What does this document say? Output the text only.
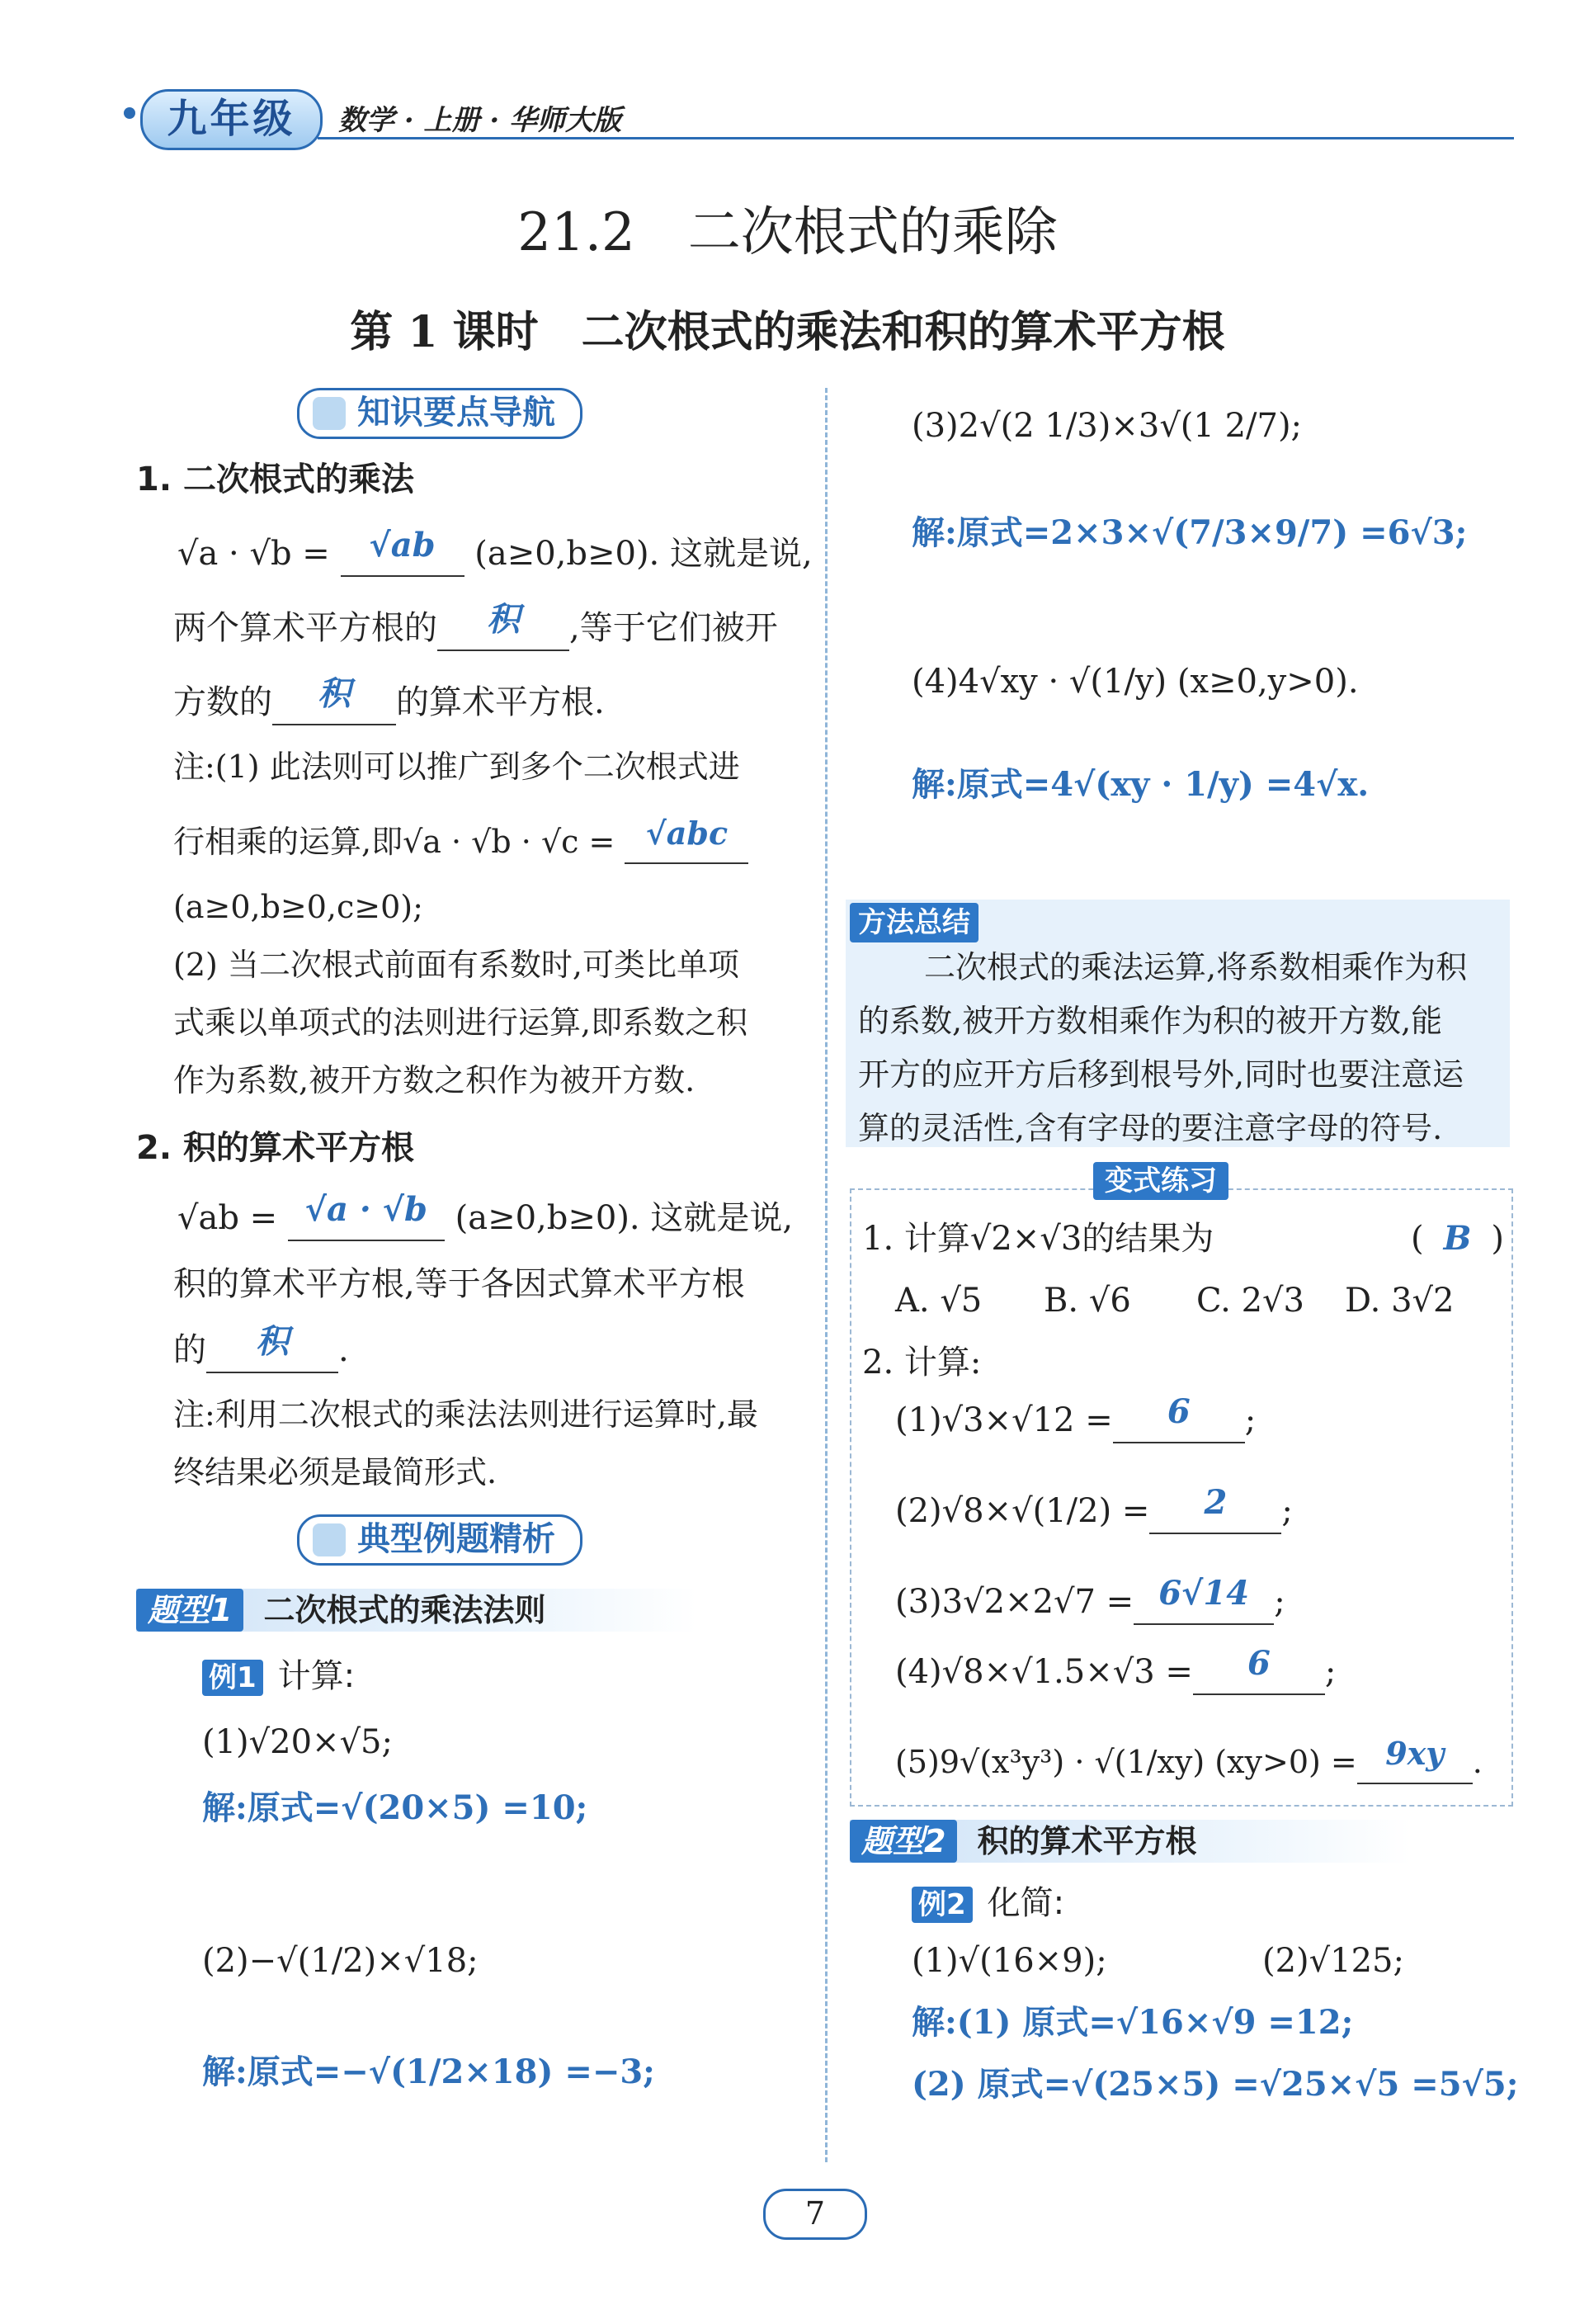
九年级	数学 · 上册 · 华师大版
21.2　二次根式的乘除
第 1 课时　二次根式的乘法和积的算术平方根
知识要点导航
1. 二次根式的乘法
√a · √b = √ab (a≥0,b≥0). 这就是说,
两个算术平方根的 积 ,等于它们被开
方数的 积 的算术平方根.
注:(1) 此法则可以推广到多个二次根式进
行相乘的运算,即√a · √b · √c = √abc
(a≥0,b≥0,c≥0);
(2) 当二次根式前面有系数时,可类比单项
式乘以单项式的法则进行运算,即系数之积
作为系数,被开方数之积作为被开方数.
2. 积的算术平方根
√ab = √a · √b (a≥0,b≥0). 这就是说,
积的算术平方根,等于各因式算术平方根
的 积 .
注:利用二次根式的乘法法则进行运算时,最
终结果必须是最简形式.
典型例题精析
题型1 二次根式的乘法法则
例1 计算:
(1)√20×√5;
解:原式=√(20×5) =10;
(2)−√(1/2)×√18;
解:原式=−√(1/2×18) =−3;
(3)2√(2 1/3)×3√(1 2/7);
解:原式=2×3×√(7/3×9/7) =6√3;
(4)4√xy · √(1/y) (x≥0,y>0).
解:原式=4√(xy · 1/y) =4√x.
方法总结
二次根式的乘法运算,将系数相乘作为积
的系数,被开方数相乘作为积的被开方数,能
开方的应开方后移到根号外,同时也要注意运
算的灵活性,含有字母的要注意字母的符号.
变式练习
1. 计算√2×√3的结果为	( B )
A. √5 B. √6 C. 2√3 D. 3√2
2. 计算:
(1)√3×√12 = 6 ;
(2)√8×√(1/2) = 2 ;
(3)3√2×2√7 = 6√14 ;
(4)√8×√1.5×√3 = 6 ;
(5)9√(x³y³) · √(1/xy) (xy>0) = 9xy .
题型2 积的算术平方根
例2 化简:
(1)√(16×9);	(2)√125;
解:(1) 原式=√16×√9 =12;
(2) 原式=√(25×5) =√25×√5 =5√5;
7
